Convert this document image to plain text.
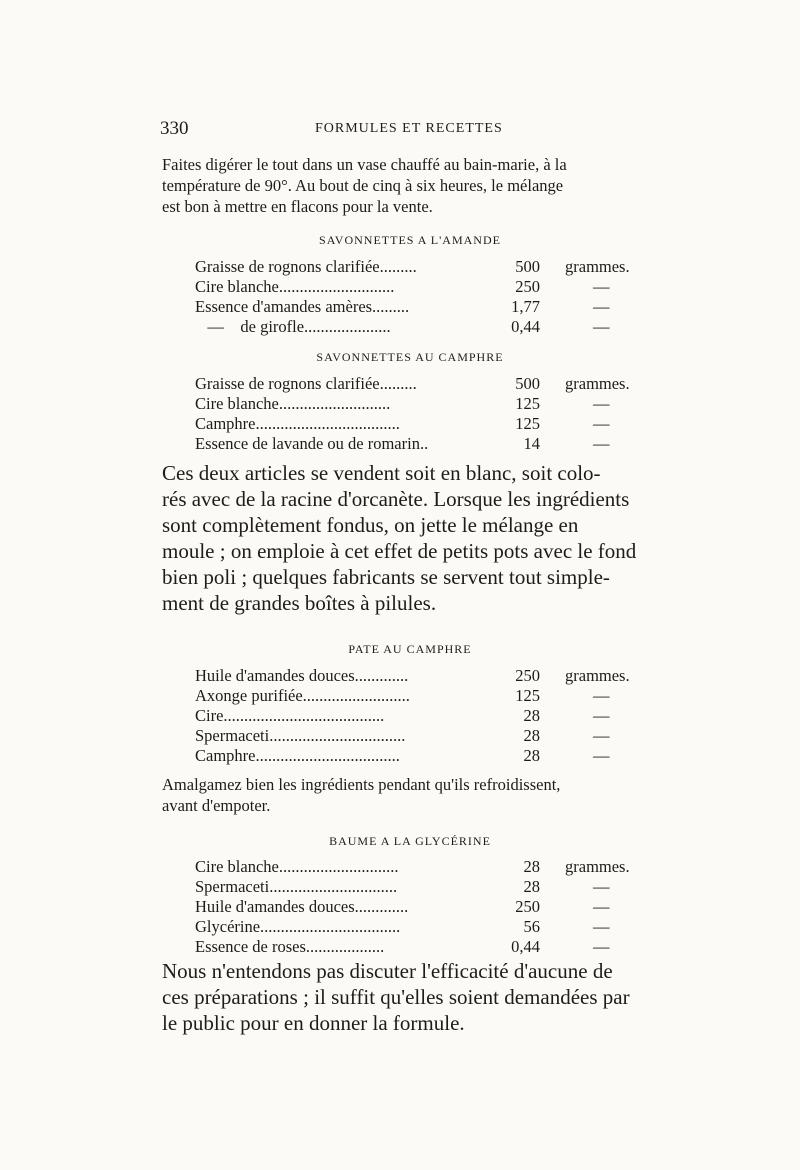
330	FORMULES ET RECETTES
Faites digérer le tout dans un vase chauffé au bain-marie, à la
température de 90°. Au bout de cinq à six heures, le mélange
est bon à mettre en flacons pour la vente.
SAVONNETTES A L'AMANDE
Graisse de rognons clarifiée.........	500 grammes.
Cire blanche............................	250	—
Essence d'amandes amères.........	1,77	—
—    de girofle.....................	0,44	—
SAVONNETTES AU CAMPHRE
Graisse de rognons clarifiée.........	500 grammes.
Cire blanche...........................	125	—
Camphre...................................	125	—
Essence de lavande ou de romarin..	14	—
Ces deux articles se vendent soit en blanc, soit colo-
rés avec de la racine d'orcanète. Lorsque les ingrédients
sont complètement fondus, on jette le mélange en
moule ; on emploie à cet effet de petits pots avec le fond
bien poli ; quelques fabricants se servent tout simple-
ment de grandes boîtes à pilules.
PATE AU CAMPHRE
Huile d'amandes douces.............	250 grammes.
Axonge purifiée..........................	125	—
Cire.......................................	28	—
Spermaceti.................................	28	—
Camphre...................................	28	—
Amalgamez bien les ingrédients pendant qu'ils refroidissent,
avant d'empoter.
BAUME A LA GLYCÉRINE
Cire blanche.............................	28 grammes.
Spermaceti...............................	28	—
Huile d'amandes douces.............	250	—
Glycérine..................................	56	—
Essence de roses...................	0,44	—
Nous n'entendons pas discuter l'efficacité d'aucune de
ces préparations ; il suffit qu'elles soient demandées par
le public pour en donner la formule.
